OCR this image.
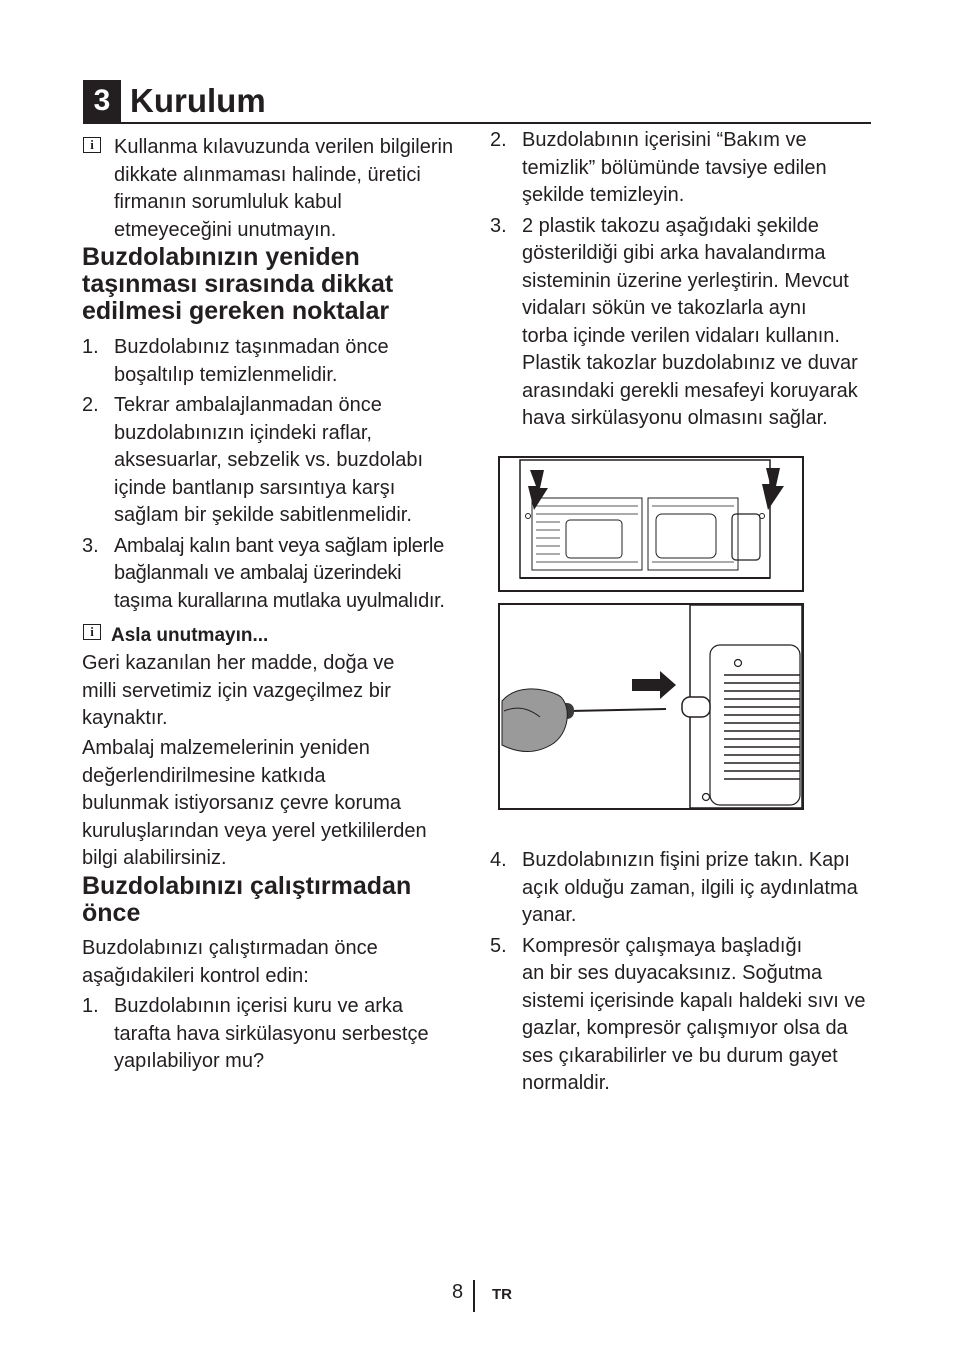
3 Kurulum
i	Kullanma kılavuzunda verilen bilgilerin dikkate alınmaması halinde, üretici firmanın sorumluluk kabul etmeyeceğini unutmayın.

Buzdolabınızın yeniden
taşınması sırasında dikkat
edilmesi gereken noktalar
1. Buzdolabınız taşınmadan önce
boşaltılıp temizlenmelidir.
2. Tekrar ambalajlanmadan önce
buzdolabınızın içindeki raflar,
aksesuarlar, sebzelik vs. buzdolabı
içinde bantlanıp sarsıntıya karşı
sağlam bir şekilde sabitlenmelidir.
3. Ambalaj kalın bant veya sağlam iplerle
bağlanmalı ve ambalaj üzerindeki
taşıma kurallarına mutlaka uyulmalıdır.
i Asla unutmayın...

Geri kazanılan her madde, doğa ve
milli servetimiz için vazgeçilmez bir
kaynaktır.
Ambalaj malzemelerinin yeniden
değerlendirilmesine katkıda
bulunmak istiyorsanız çevre koruma
kuruluşlarından veya yerel yetkililerden
bilgi alabilirsiniz.
Buzdolabınızı çalıştırmadan
önce
Buzdolabınızı çalıştırmadan önce
aşağıdakileri kontrol edin:
1. Buzdolabının içerisi kuru ve arka
tarafta hava sirkülasyonu serbestçe
yapılabiliyor mu?
2. Buzdolabının içerisini “Bakım ve
temizlik” bölümünde tavsiye edilen
şekilde temizleyin.
3. 2 plastik takozu aşağıdaki şekilde
gösterildiği gibi arka havalandırma
sisteminin üzerine yerleştirin. Mevcut
vidaları sökün ve takozlarla aynı
torba içinde verilen vidaları kullanın.
Plastik takozlar buzdolabınız ve duvar
arasındaki gerekli mesafeyi koruyarak
hava sirkülasyonu olmasını sağlar.
4. Buzdolabınızın fişini prize takın. Kapı
açık olduğu zaman, ilgili iç aydınlatma
yanar.
5. Kompresör çalışmaya başladığı
an bir ses duyacaksınız. Soğutma
sistemi içerisinde kapalı haldeki sıvı ve
gazlar, kompresör çalışmıyor olsa da
ses çıkarabilirler ve bu durum gayet
normaldir.
8 TR
